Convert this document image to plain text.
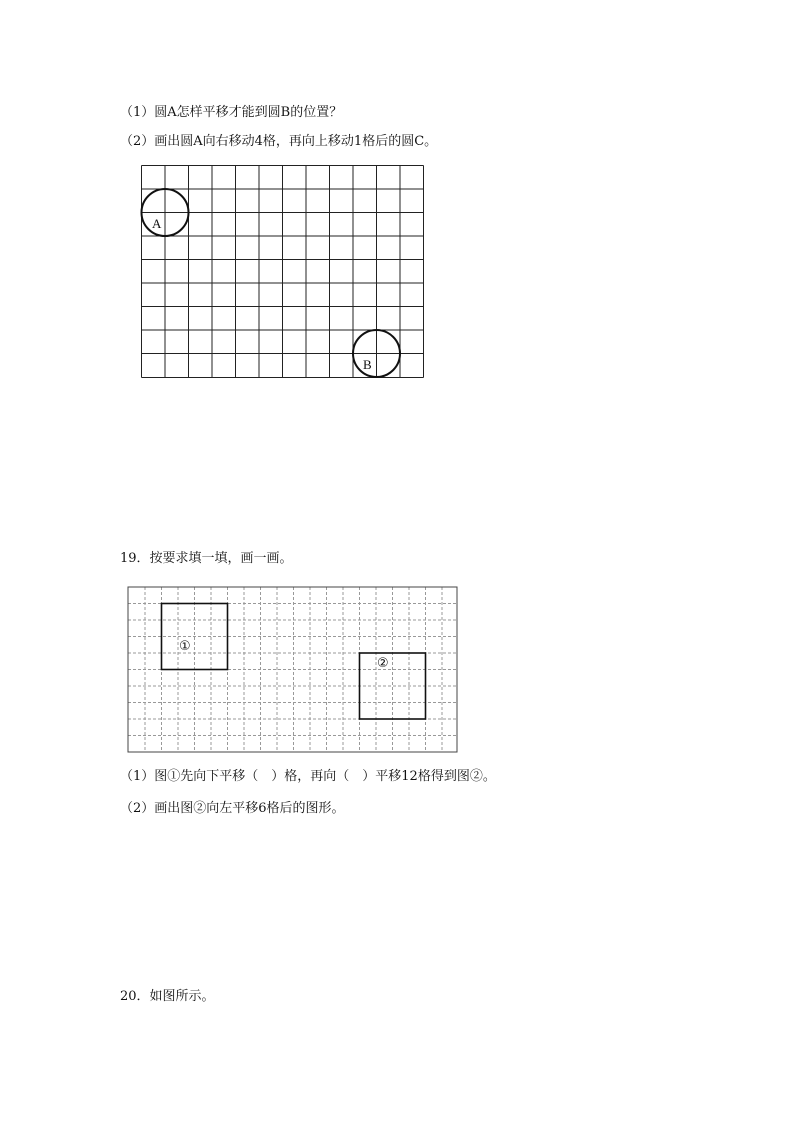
（1）圆A怎样平移才能到圆B的位置？
（2）画出圆A向右移动4格，再向上移动1格后的圆C。
A
B
19．按要求填一填，画一画。
①
②
（1）图①先向下平移（　）格，再向（　）平移12格得到图②。
（2）画出图②向左平移6格后的图形。
20．如图所示。
